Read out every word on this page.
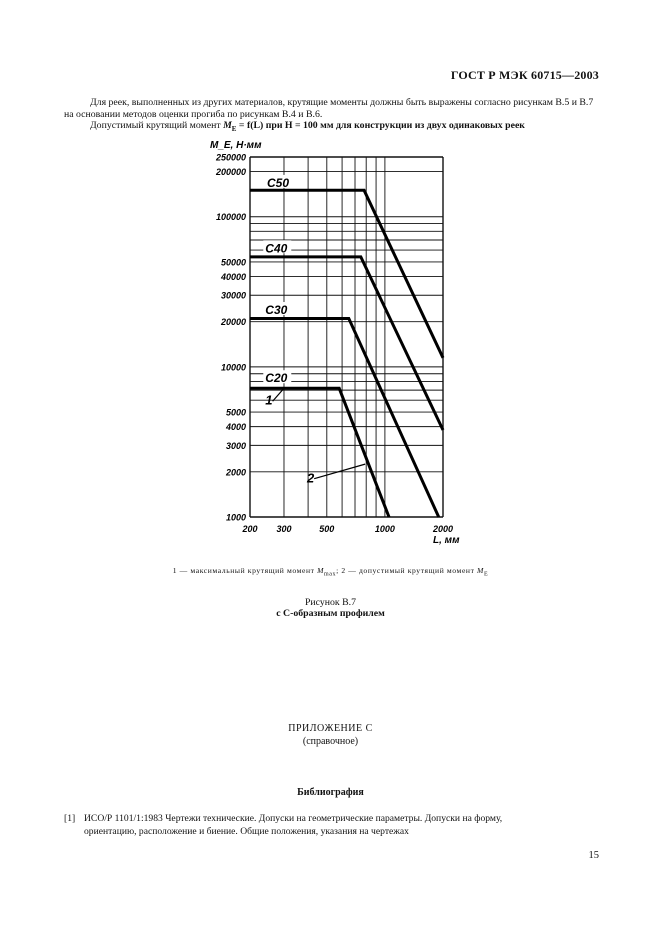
ГОСТ Р МЭК 60715—2003
Для реек, выполненных из других материалов, крутящие моменты должны быть выражены согласно рисункам В.5 и В.7 на основании методов оценки прогиба по рисункам В.4 и В.6.
Допустимый крутящий момент $M_E = f(L)$ при H = 100 мм для конструкции из двух одинаковых реек
1000
2000
3000
4000
5000
10000
20000
30000
40000
50000
100000
200000
250000
200 300	500	1000	2000
M_E, Н·мм
L, мм
C50
C40
C30
C20
1
2
1 — максимальный крутящий момент $M_{max}$; 2 — допустимый крутящий момент $M_E$
Рисунок В.7
с С-образным профилем
ПРИЛОЖЕНИЕ С
(справочное)
Библиография
[1] ИСО/Р 1101/1:1983 Чертежи технические. Допуски на геометрические параметры. Допуски на форму,
ориентацию, расположение и биение. Общие положения, указания на чертежах
15
